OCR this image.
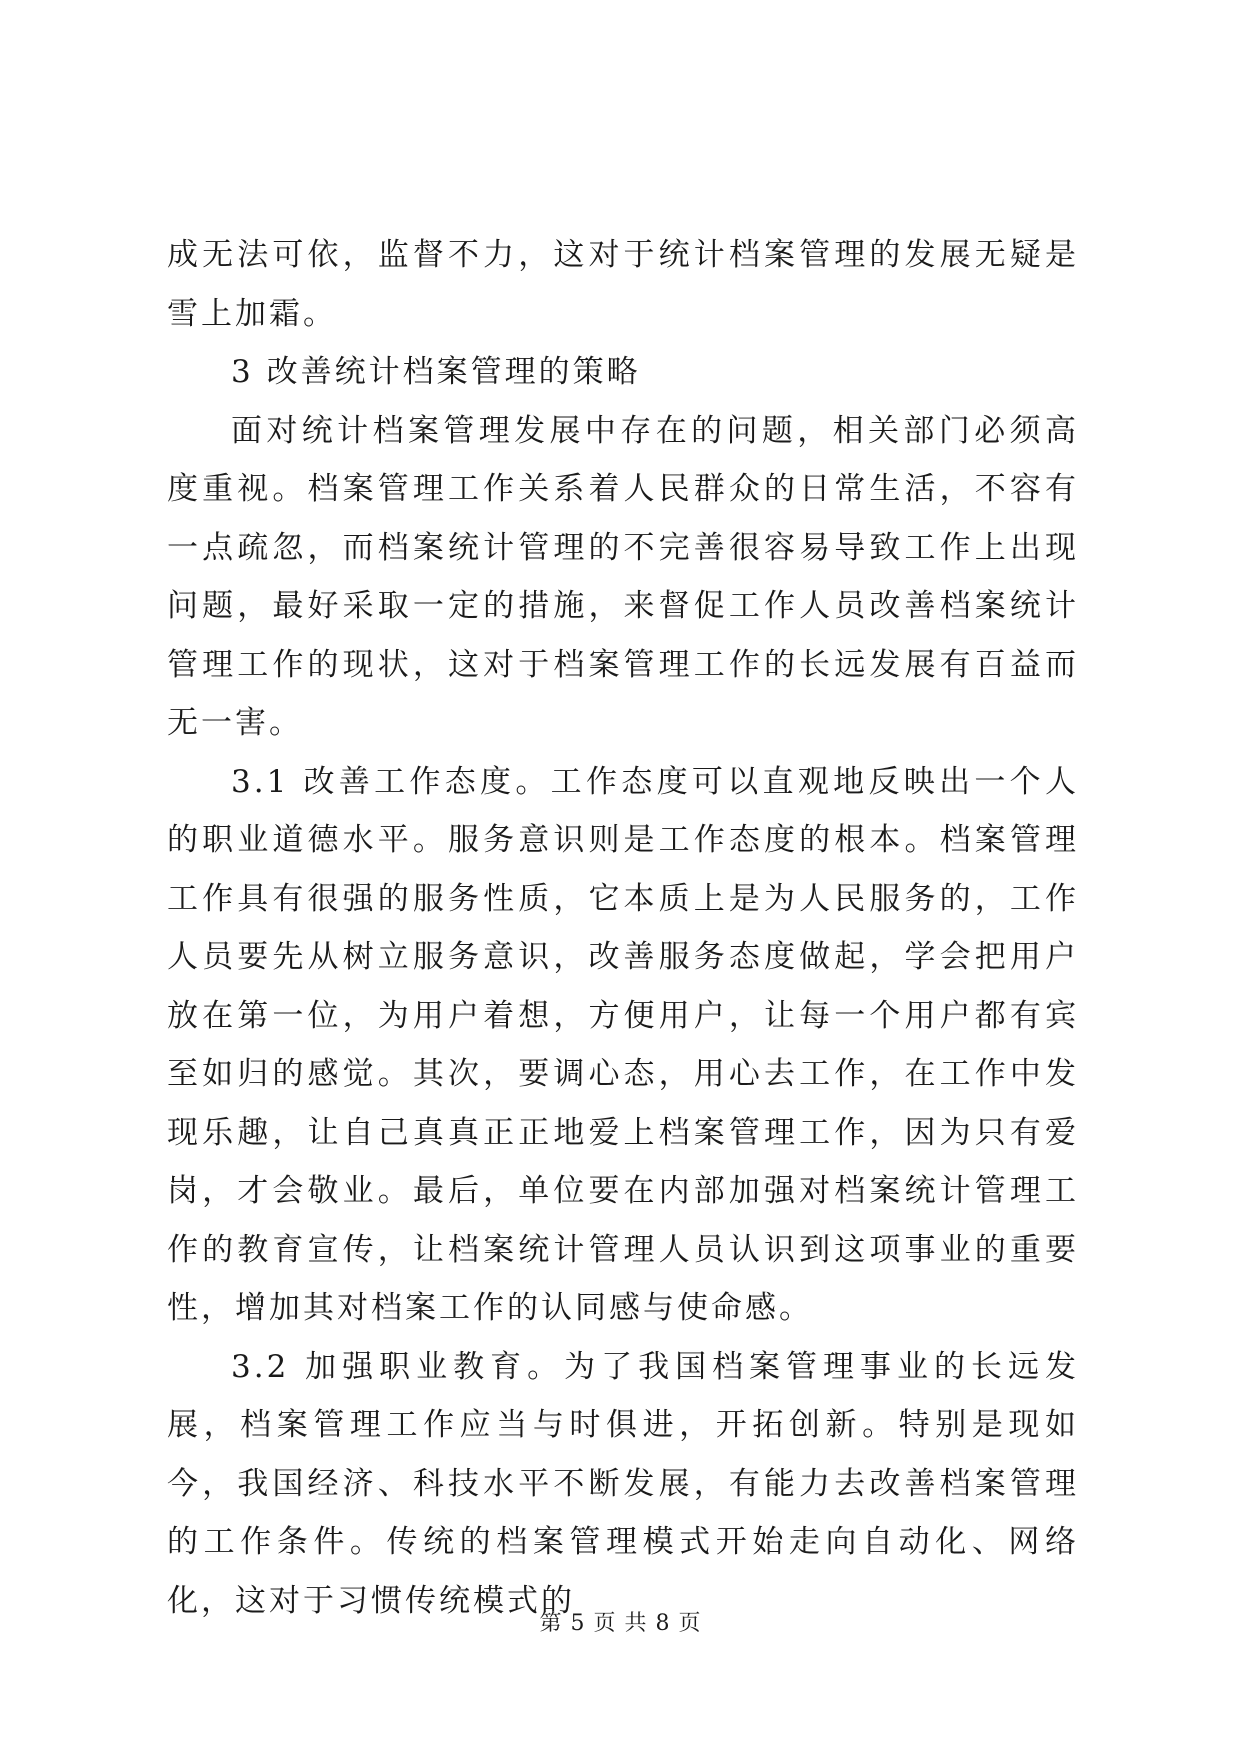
成无法可依，监督不力，这对于统计档案管理的发展无疑是雪上加霜。

3 改善统计档案管理的策略

面对统计档案管理发展中存在的问题，相关部门必须高度重视。档案管理工作关系着人民群众的日常生活，不容有一点疏忽，而档案统计管理的不完善很容易导致工作上出现问题，最好采取一定的措施，来督促工作人员改善档案统计管理工作的现状，这对于档案管理工作的长远发展有百益而无一害。

3.1 改善工作态度。工作态度可以直观地反映出一个人的职业道德水平。服务意识则是工作态度的根本。档案管理工作具有很强的服务性质，它本质上是为人民服务的，工作人员要先从树立服务意识，改善服务态度做起，学会把用户放在第一位，为用户着想，方便用户，让每一个用户都有宾至如归的感觉。其次，要调心态，用心去工作，在工作中发现乐趣，让自己真真正正地爱上档案管理工作，因为只有爱岗，才会敬业。最后，单位要在内部加强对档案统计管理工作的教育宣传，让档案统计管理人员认识到这项事业的重要性，增加其对档案工作的认同感与使命感。

3.2 加强职业教育。为了我国档案管理事业的长远发展，档案管理工作应当与时俱进，开拓创新。特别是现如今，我国经济、科技水平不断发展，有能力去改善档案管理的工作条件。传统的档案管理模式开始走向自动化、网络化，这对于习惯传统模式的

第 5 页 共 8 页
